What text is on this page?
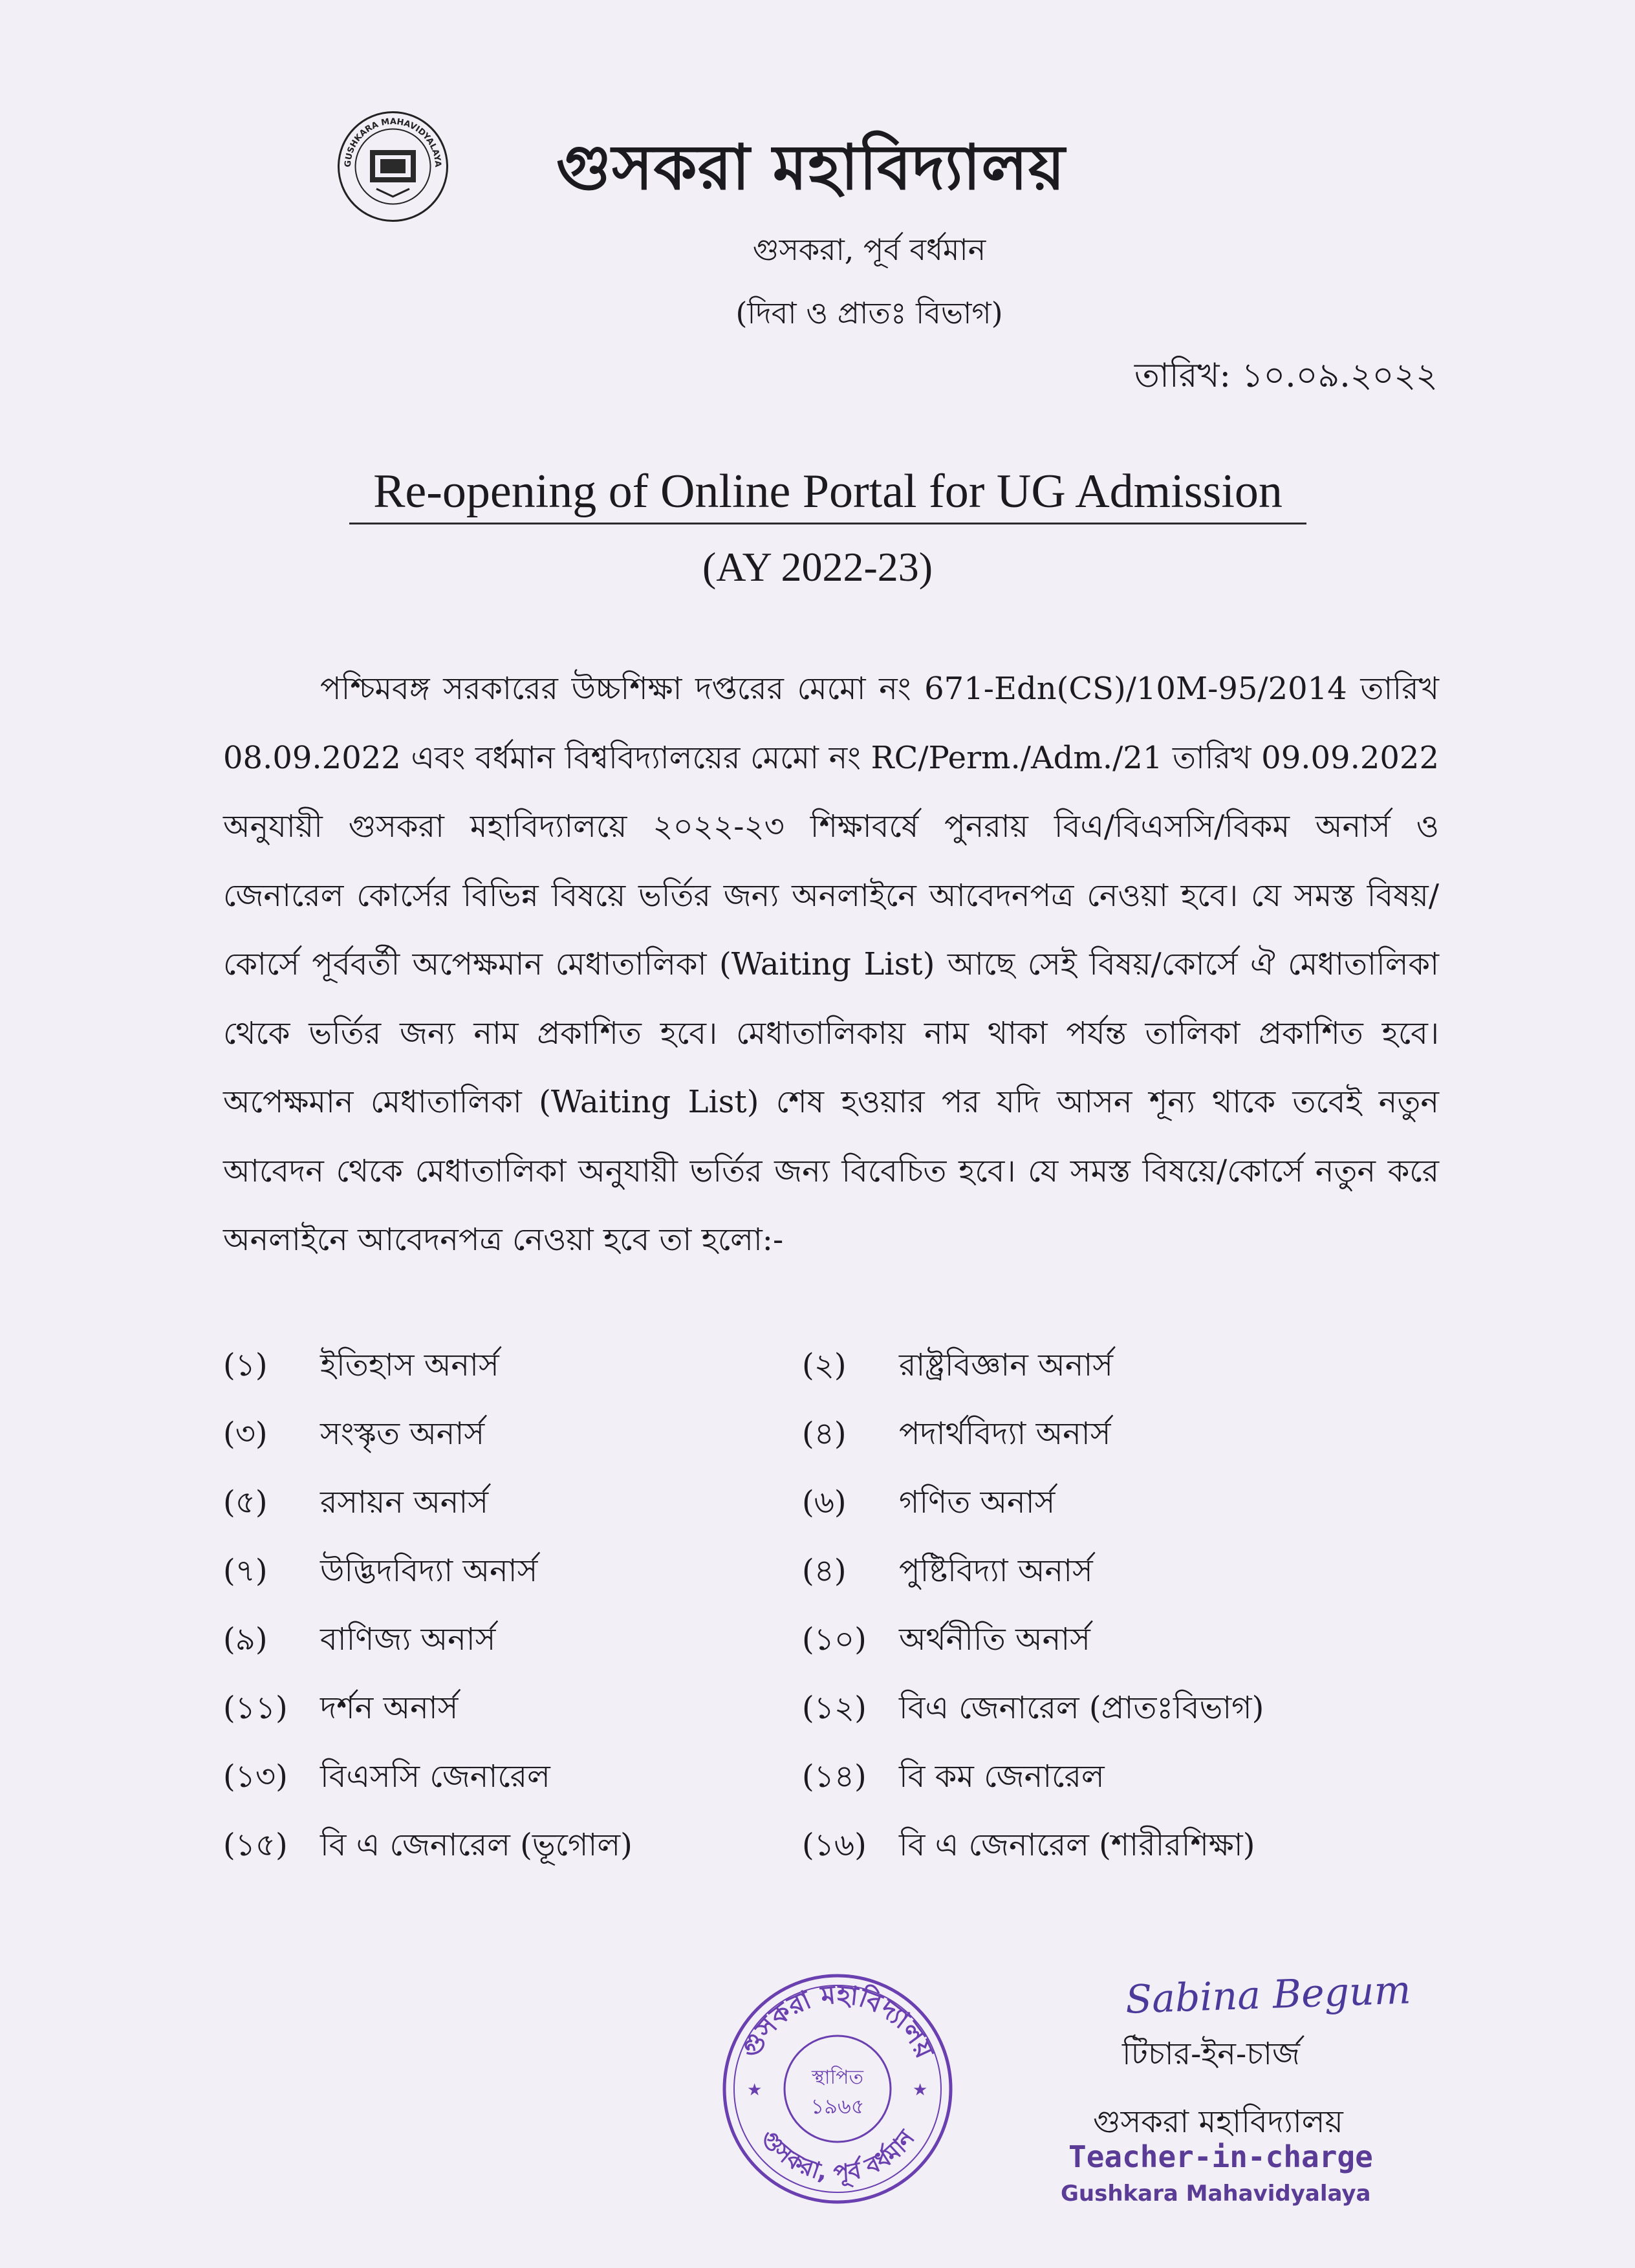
GUSHKARA MAHAVIDYALAYA গুসকরা মহাবিদ্যালয়
গুসকরা, পূর্ব বর্ধমান
(দিবা ও প্রাতঃ বিভাগ)
তারিখ: ১০.০৯.২০২২
Re-opening of Online Portal for UG Admission
(AY 2022-23)
পশ্চিমবঙ্গ সরকারের উচ্চশিক্ষা দপ্তরের মেমো নং 671-Edn(CS)/10M-95/2014 তারিখ 08.09.2022 এবং বর্ধমান বিশ্ববিদ্যালয়ের মেমো নং RC/Perm./Adm./21 তারিখ 09.09.2022 অনুযায়ী গুসকরা মহাবিদ্যালয়ে ২০২২-২৩ শিক্ষাবর্ষে পুনরায় বিএ/বিএসসি/বিকম অনার্স ও জেনারেল কোর্সের বিভিন্ন বিষয়ে ভর্তির জন্য অনলাইনে আবেদনপত্র নেওয়া হবে। যে সমস্ত বিষয়/কোর্সে পূর্ববর্তী অপেক্ষমান মেধাতালিকা (Waiting List) আছে সেই বিষয়/কোর্সে ঐ মেধাতালিকা থেকে ভর্তির জন্য নাম প্রকাশিত হবে। মেধাতালিকায় নাম থাকা পর্যন্ত তালিকা প্রকাশিত হবে। অপেক্ষমান মেধাতালিকা (Waiting List) শেষ হওয়ার পর যদি আসন শূন্য থাকে তবেই নতুন আবেদন থেকে মেধাতালিকা অনুযায়ী ভর্তির জন্য বিবেচিত হবে। যে সমস্ত বিষয়ে/কোর্সে নতুন করে অনলাইনে আবেদনপত্র নেওয়া হবে তা হলো:-
(১) ইতিহাস অনার্স	(২) রাষ্ট্রবিজ্ঞান অনার্স
(৩) সংস্কৃত অনার্স	(৪) পদার্থবিদ্যা অনার্স
(৫) রসায়ন অনার্স	(৬) গণিত অনার্স
(৭) উদ্ভিদবিদ্যা অনার্স	(৪) পুষ্টিবিদ্যা অনার্স
(৯) বাণিজ্য অনার্স	(১০) অর্থনীতি অনার্স
(১১) দর্শন অনার্স	(১২) বিএ জেনারেল (প্রাতঃবিভাগ)
(১৩) বিএসসি জেনারেল	(১৪) বি কম জেনারেল
(১৫) বি এ জেনারেল (ভূগোল)	(১৬) বি এ জেনারেল (শারীরশিক্ষা)
গুসকরা মহাবিদ্যালয়
গুসকরা, পূর্ব বর্ধমান
★	★
স্থাপিত
১৯৬৫
Sabina Begum
টিচার-ইন-চার্জ
গুসকরা মহাবিদ্যালয়
Teacher-in-charge
Gushkara Mahavidyalaya
